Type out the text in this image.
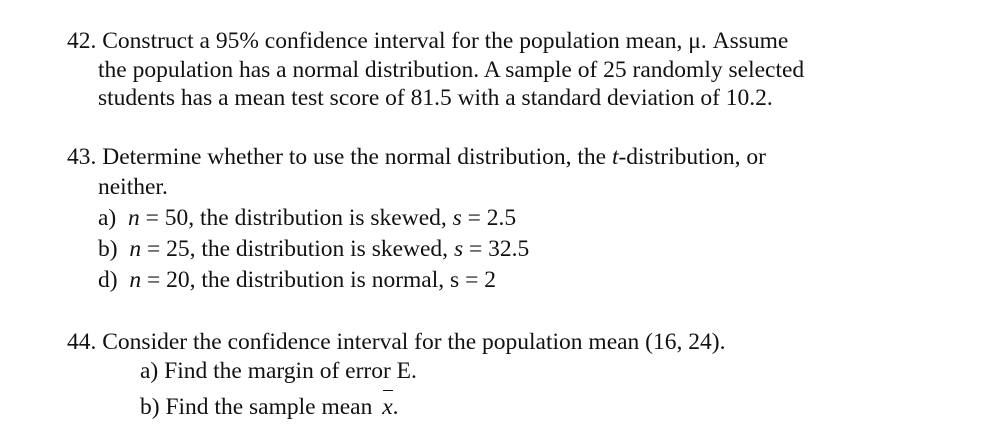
42. Construct a 95% confidence interval for the population mean, μ. Assume
the population has a normal distribution. A sample of 25 randomly selected
students has a mean test score of 81.5 with a standard deviation of 10.2.
43. Determine whether to use the normal distribution, the t-distribution, or
neither.
a) n = 50, the distribution is skewed, s = 2.5
b) n = 25, the distribution is skewed, s = 32.5
d) n = 20, the distribution is normal, s = 2
44. Consider the confidence interval for the population mean (16, 24).
a) Find the margin of error E.
b) Find the sample mean x.
